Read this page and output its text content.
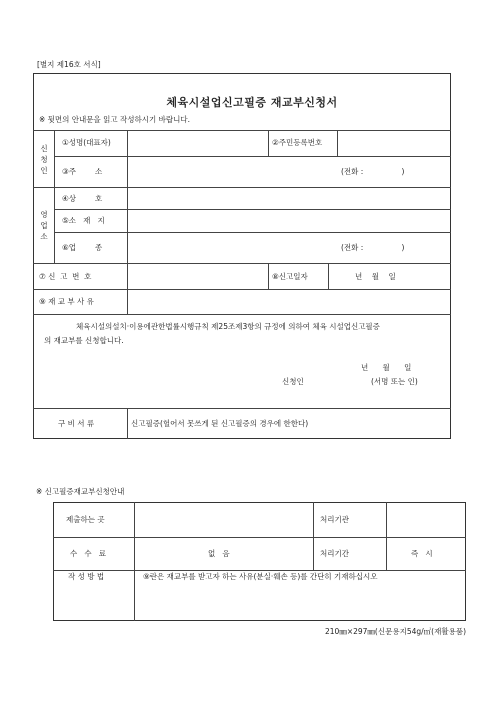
[별지 제16호 서식]
체육시설업신고필증 재교부신청서
※ 뒷면의 안내문을 읽고 작성하시기 바랍니다.
신
청
인
①성명(대표자)	②주민등록번호
③주        소	(전화 :                )
영
업
소
④상        호
⑤소   재   지
⑥업        종	(전화 :                )
⑦ 신  고  번  호	⑧신고일자	년    월    일
⑨ 재 교 부 사 유
체육시설의설치·이용에관한법률시행규칙 제25조제3항의 규정에 의하여 체육 시설업신고필증
의 재교부를 신청합니다.
년      월      일
신청인	(서명 또는 인)
구 비 서 류	신고필증(헐어서 못쓰게 된 신고필증의 경우에 한한다)
※ 신고필증재교부신청안내
제출하는 곳	처리기관
수   수   료	없   음	처리기간	즉   시
작 성 방 법	⑨란은 재교부를 받고자 하는 사유(분실·훼손 등)를 간단히 기재하십시오
210㎜×297㎜(신문용지54g/㎡(재활용품)
